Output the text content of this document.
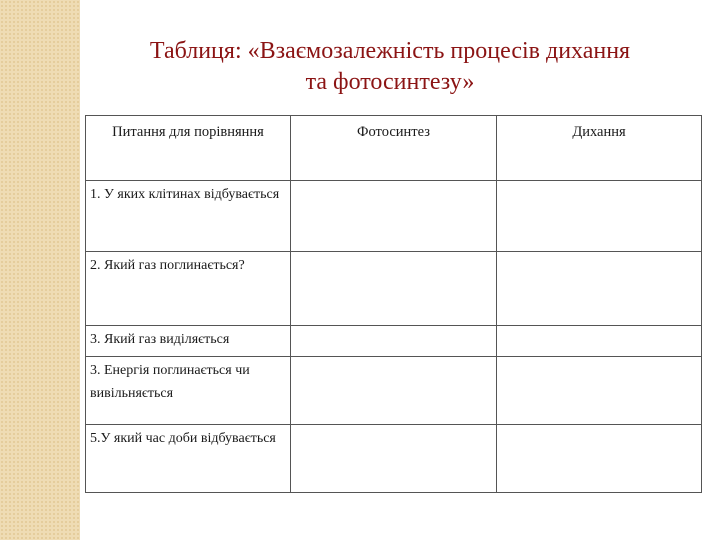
Таблиця: «Взаємозалежність процесів дихання
та фотосинтезу»
Питання для порівняння	Фотосинтез	Дихання
1. У яких клітинах відбувається		
2. Який газ поглинається?		
3. Який газ виділяється		
3. Енергія поглинається чи вивільняється		
5.У який час доби відбувається		
